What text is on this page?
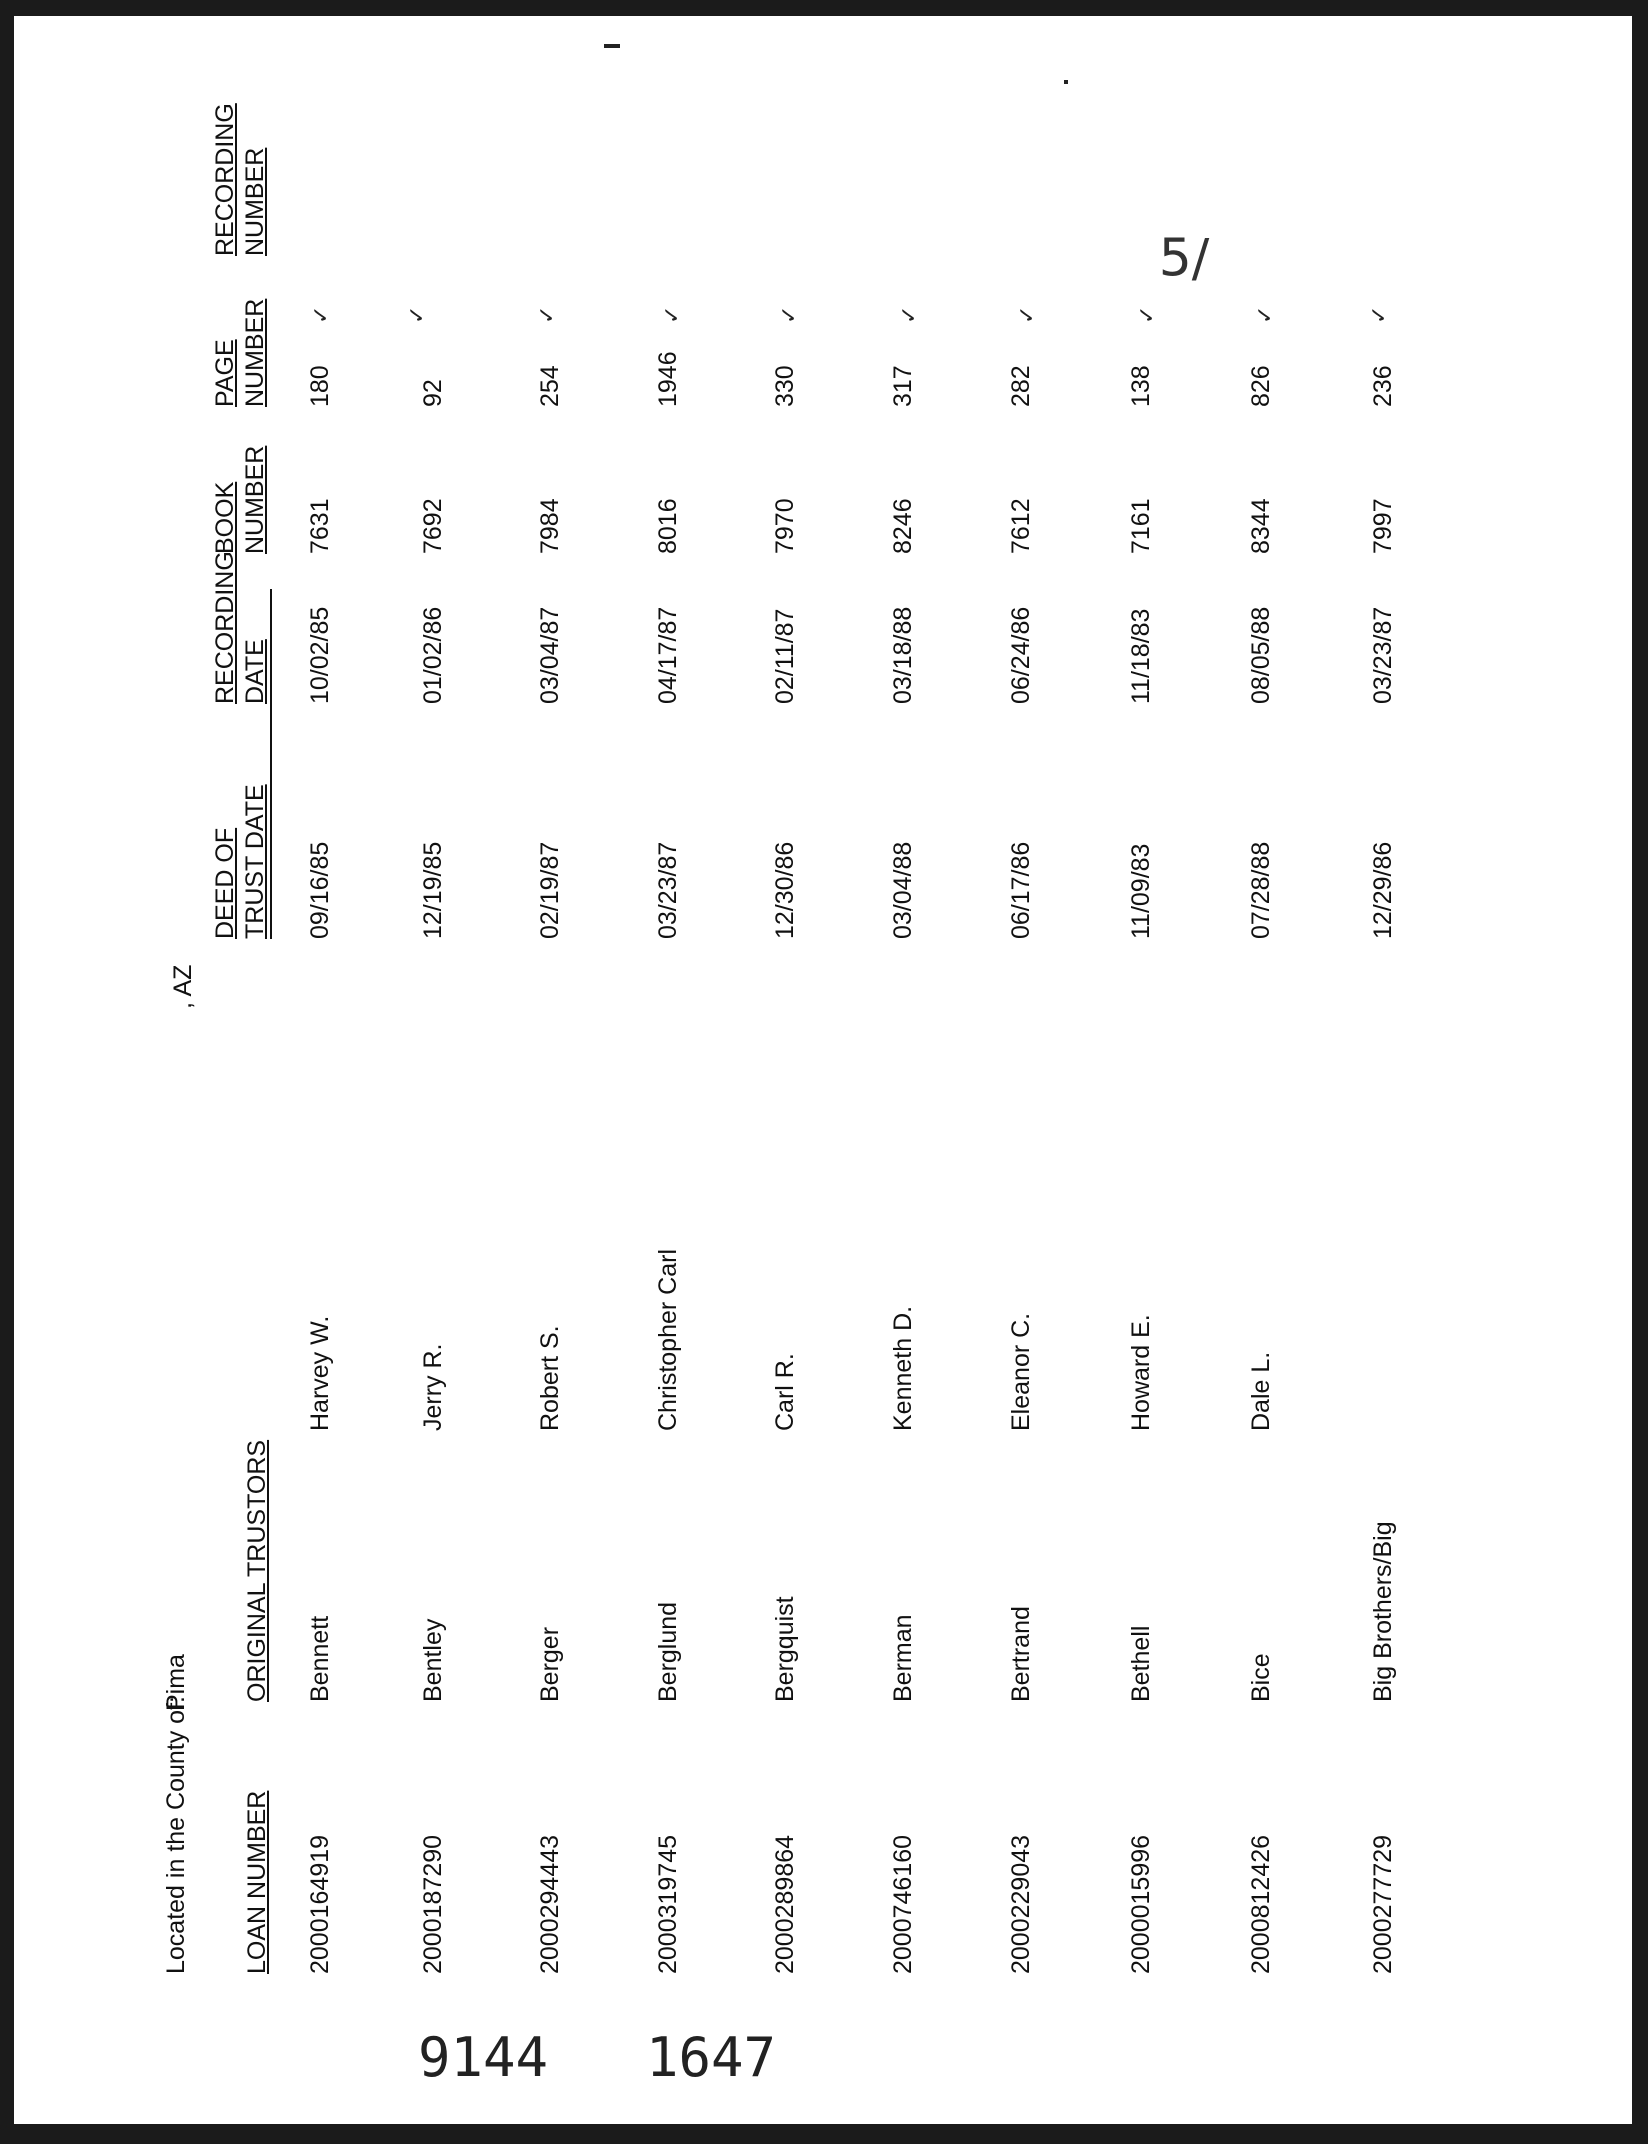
Located in the County of:
Pima
, AZ
LOAN NUMBER
ORIGINAL TRUSTORS
DEED OF TRUST DATE
RECORDING DATE
BOOK NUMBER
PAGE NUMBER
RECORDING NUMBER
2000164919
Bennett
Harvey W.
09/16/85
10/02/85
7631
180
✓
2000187290
Bentley
Jerry R.
12/19/85
01/02/86
7692
92
✓
2000294443
Berger
Robert S.
02/19/87
03/04/87
7984
254
✓
2000319745
Berglund
Christopher Carl
03/23/87
04/17/87
8016
1946
✓
2000289864
Bergquist
Carl R.
12/30/86
02/11/87
7970
330
✓
2000746160
Berman
Kenneth D.
03/04/88
03/18/88
8246
317
✓
2000229043
Bertrand
Eleanor C.
06/17/86
06/24/86
7612
282
✓
2000015996
Bethell
Howard E.
11/09/83
11/18/83
7161
138
✓
2000812426
Bice
Dale L.
07/28/88
08/05/88
8344
826
✓
2000277729
Big Brothers/Big
12/29/86
03/23/87
7997
236
✓
5/
9144 1647
